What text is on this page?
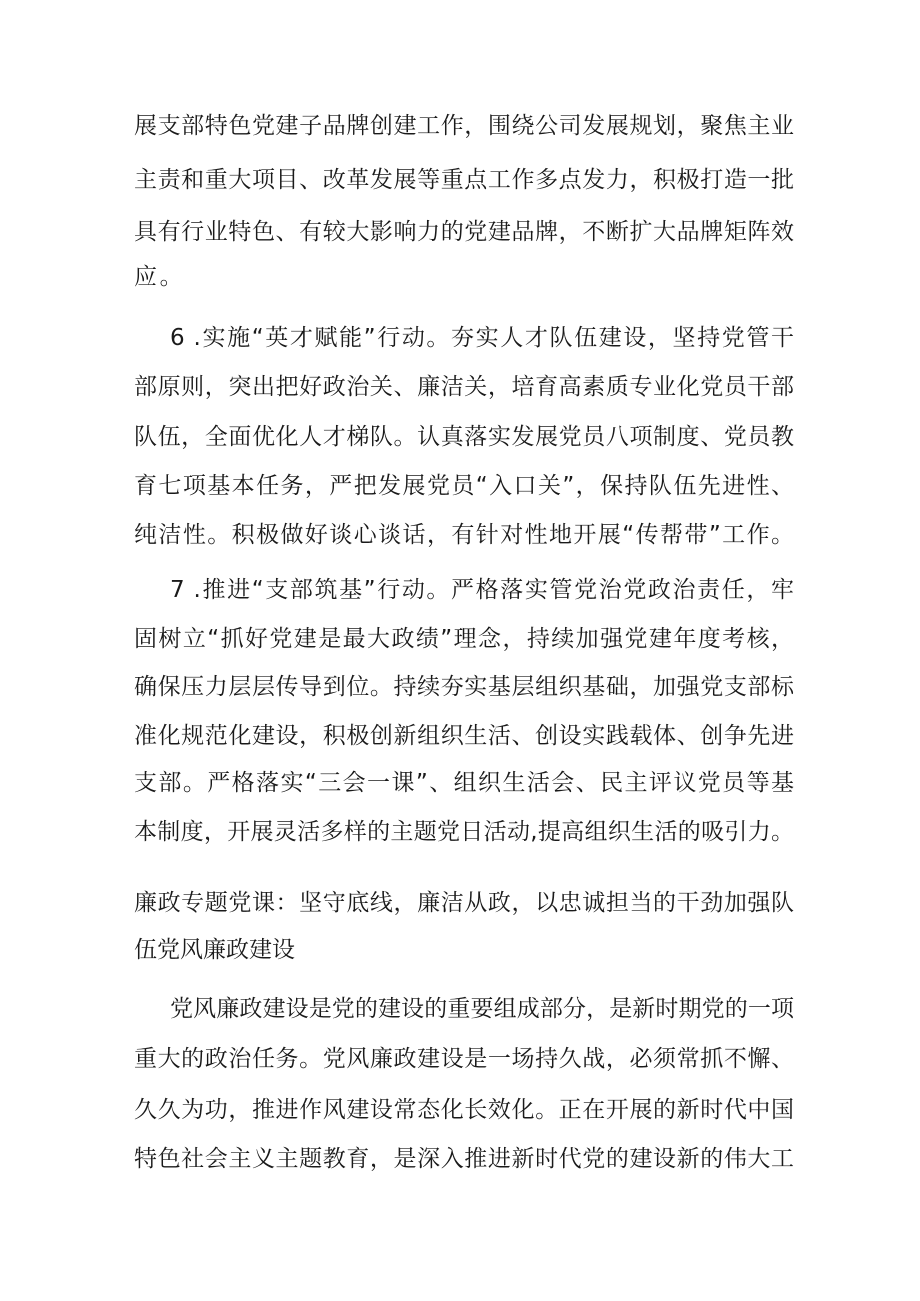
展支部特色党建子品牌创建工作，围绕公司发展规划，聚焦主业
主责和重大项目、改革发展等重点工作多点发力，积极打造一批
具有行业特色、有较大影响力的党建品牌，不断扩大品牌矩阵效
应。
6 .实施“英才赋能”行动。夯实人才队伍建设，坚持党管干
部原则，突出把好政治关、廉洁关，培育高素质专业化党员干部
队伍，全面优化人才梯队。认真落实发展党员八项制度、党员教
育七项基本任务，严把发展党员“入口关”，保持队伍先进性、
纯洁性。积极做好谈心谈话，有针对性地开展“传帮带”工作。
7 .推进“支部筑基”行动。严格落实管党治党政治责任，牢
固树立“抓好党建是最大政绩”理念，持续加强党建年度考核，
确保压力层层传导到位。持续夯实基层组织基础，加强党支部标
准化规范化建设，积极创新组织生活、创设实践载体、创争先进
支部。严格落实“三会一课”、组织生活会、民主评议党员等基
本制度，开展灵活多样的主题党日活动,提高组织生活的吸引力。
廉政专题党课：坚守底线，廉洁从政，以忠诚担当的干劲加强队
伍党风廉政建设
党风廉政建设是党的建设的重要组成部分，是新时期党的一项
重大的政治任务。党风廉政建设是一场持久战，必须常抓不懈、
久久为功，推进作风建设常态化长效化。正在开展的新时代中国
特色社会主义主题教育，是深入推进新时代党的建设新的伟大工
